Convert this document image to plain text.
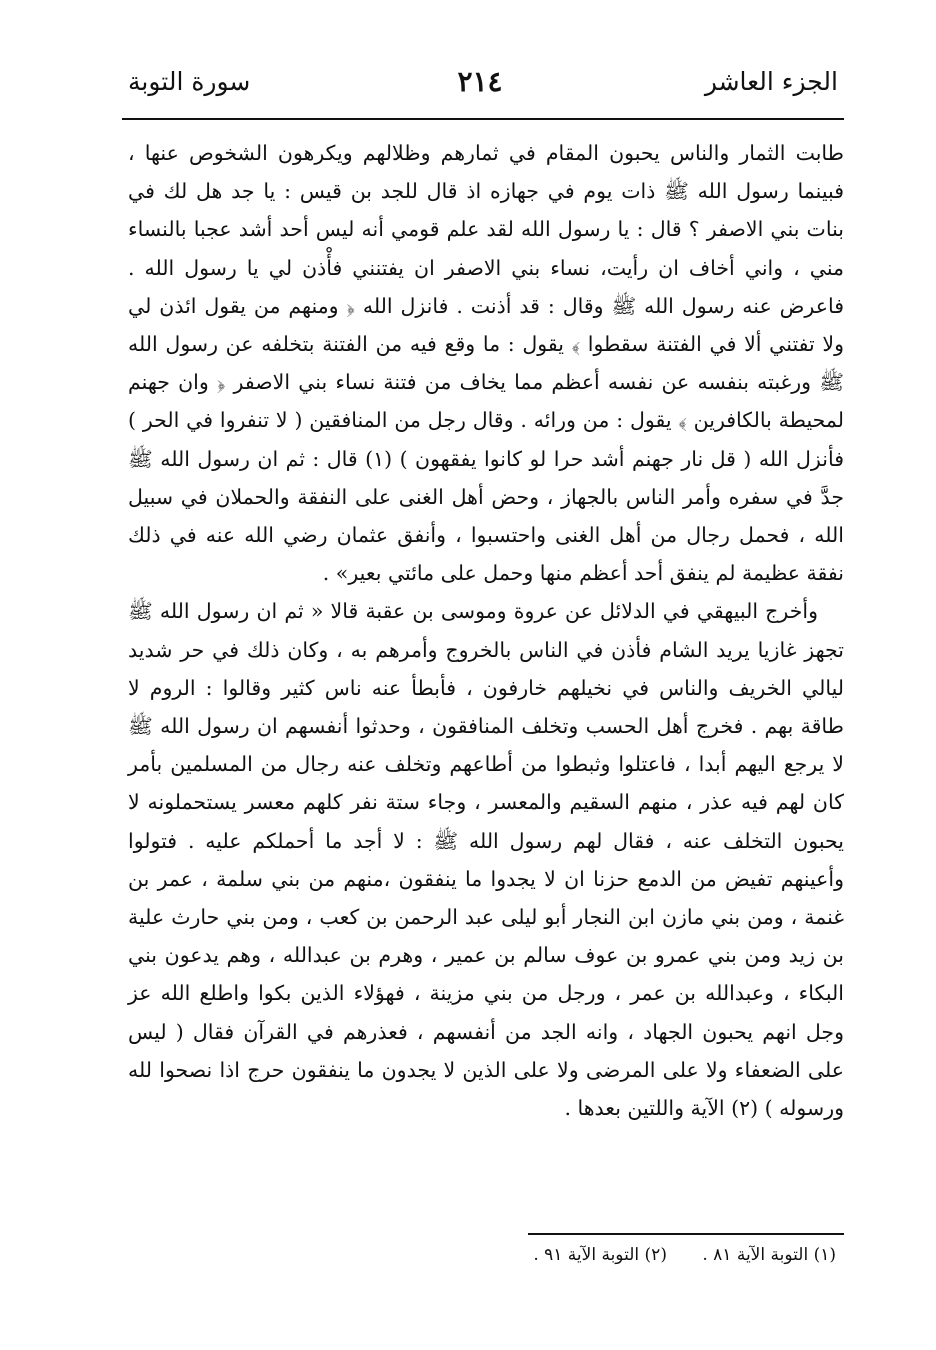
الجزء العاشر
٢١٤
سورة التوبة

طابت الثمار والناس يحبون المقام في ثمارهم وظلالهم ويكرهون الشخوص عنها ، فبينما رسول الله ﷺ ذات يوم في جهازه اذ قال للجد بن قيس : يا جد هل لك في بنات بني الاصفر ؟ قال : يا رسول الله لقد علم قومي أنه ليس أحد أشد عجبا بالنساء مني ، واني أخاف ان رأيت، نساء بني الاصفر ان يفتنني فأْذن لي يا رسول الله . فاعرض عنه رسول الله ﷺ وقال : قد أذنت . فانزل الله ﴿ ومنهم من يقول ائذن لي ولا تفتني ألا في الفتنة سقطوا ﴾ يقول : ما وقع فيه من الفتنة بتخلفه عن رسول الله ﷺ ورغبته بنفسه عن نفسه أعظم مما يخاف من فتنة نساء بني الاصفر ﴿ وان جهنم لمحيطة بالكافرين ﴾ يقول : من ورائه . وقال رجل من المنافقين ( لا تنفروا في الحر ) فأنزل الله ( قل نار جهنم أشد حرا لو كانوا يفقهون ) (١) قال : ثم ان رسول الله ﷺ جدَّ في سفره وأمر الناس بالجهاز ، وحض أهل الغنى على النفقة والحملان في سبيل الله ، فحمل رجال من أهل الغنى واحتسبوا ، وأنفق عثمان رضي الله عنه في ذلك نفقة عظيمة لم ينفق أحد أعظم منها وحمل على مائتي بعير» .

وأخرج البيهقي في الدلائل عن عروة وموسى بن عقبة قالا « ثم ان رسول الله ﷺ تجهز غازيا يريد الشام فأذن في الناس بالخروج وأمرهم به ، وكان ذلك في حر شديد ليالي الخريف والناس في نخيلهم خارفون ، فأبطأ عنه ناس كثير وقالوا : الروم لا طاقة بهم . فخرج أهل الحسب وتخلف المنافقون ، وحدثوا أنفسهم ان رسول الله ﷺ لا يرجع اليهم أبدا ، فاعتلوا وثبطوا من أطاعهم وتخلف عنه رجال من المسلمين بأمر كان لهم فيه عذر ، منهم السقيم والمعسر ، وجاء ستة نفر كلهم معسر يستحملونه لا يحبون التخلف عنه ، فقال لهم رسول الله ﷺ : لا أجد ما أحملكم عليه . فتولوا وأعينهم تفيض من الدمع حزنا ان لا يجدوا ما ينفقون ،منهم من بني سلمة ، عمر بن غنمة ، ومن بني مازن ابن النجار أبو ليلى عبد الرحمن بن كعب ، ومن بني حارث علية بن زيد ومن بني عمرو بن عوف سالم بن عمير ، وهرم بن عبدالله ، وهم يدعون بني البكاء ، وعبدالله بن عمر ، ورجل من بني مزينة ، فهؤلاء الذين بكوا واطلع الله عز وجل انهم يحبون الجهاد ، وانه الجد من أنفسهم ، فعذرهم في القرآن فقال ( ليس على الضعفاء ولا على المرضى ولا على الذين لا يجدون ما ينفقون حرج اذا نصحوا لله ورسوله ) (٢) الآية واللتين بعدها .

(١) التوبة الآية ٨١ . (٢) التوبة الآية ٩١ .
